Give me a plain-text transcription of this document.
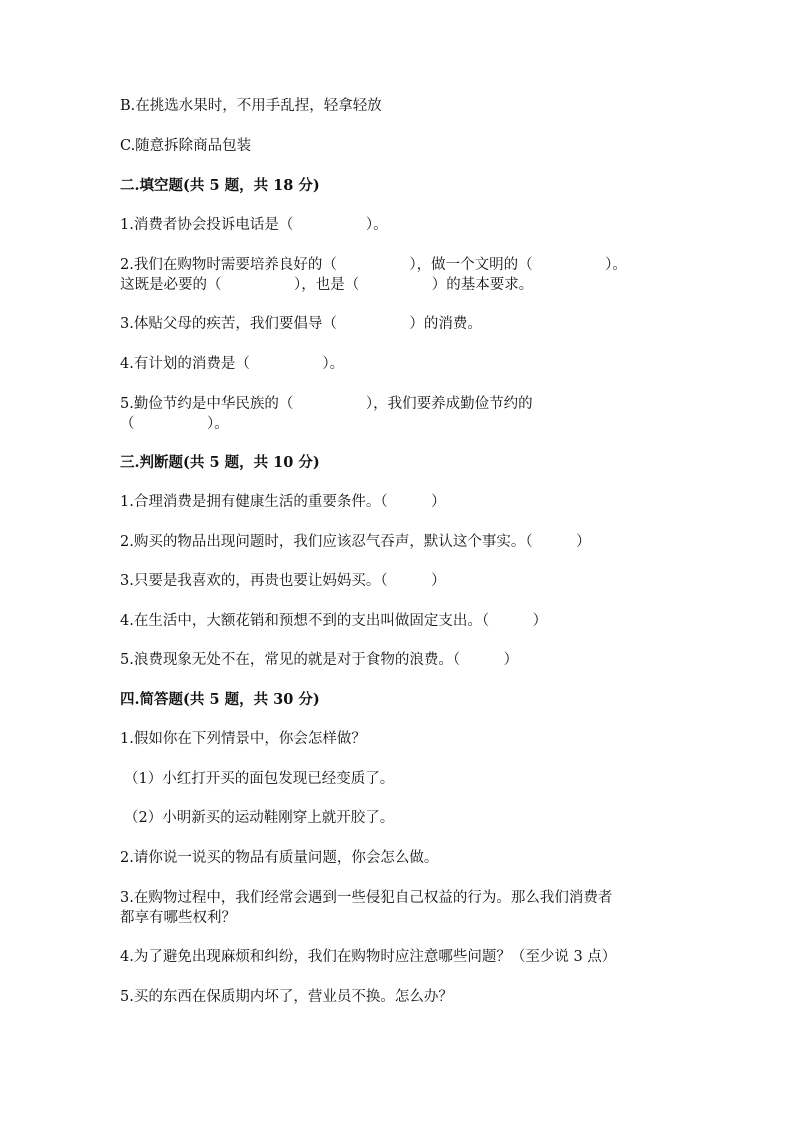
B.在挑选水果时，不用手乱捏，轻拿轻放
C.随意拆除商品包装
二.填空题(共 5 题，共 18 分)
1.消费者协会投诉电话是（　　　　　）。
2.我们在购物时需要培养良好的（　　　　　），做一个文明的（　　　　　）。
这既是必要的（　　　　　），也是（　　　　　）的基本要求。
3.体贴父母的疾苦，我们要倡导（　　　　　）的消费。
4.有计划的消费是（　　　　　）。
5.勤俭节约是中华民族的（　　　　　），我们要养成勤俭节约的
（　　　　　）。
三.判断题(共 5 题，共 10 分)
1.合理消费是拥有健康生活的重要条件。（　　　）
2.购买的物品出现问题时，我们应该忍气吞声，默认这个事实。（　　　）
3.只要是我喜欢的，再贵也要让妈妈买。（　　　）
4.在生活中，大额花销和预想不到的支出叫做固定支出。（　　　）
5.浪费现象无处不在，常见的就是对于食物的浪费。（　　　）
四.简答题(共 5 题，共 30 分)
1.假如你在下列情景中，你会怎样做？
（1）小红打开买的面包发现已经变质了。
（2）小明新买的运动鞋刚穿上就开胶了。
2.请你说一说买的物品有质量问题，你会怎么做。
3.在购物过程中，我们经常会遇到一些侵犯自己权益的行为。那么我们消费者
都享有哪些权利？
4.为了避免出现麻烦和纠纷，我们在购物时应注意哪些问题？（至少说 3 点）
5.买的东西在保质期内坏了，营业员不换。怎么办？
